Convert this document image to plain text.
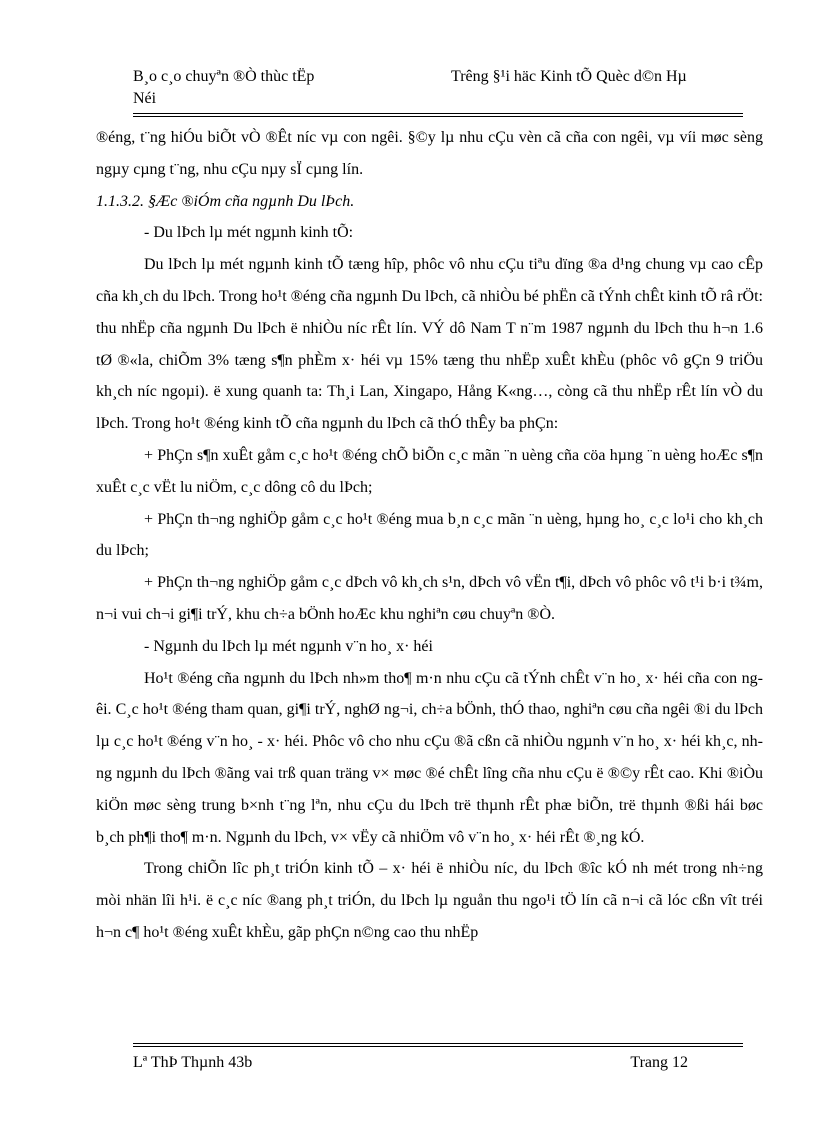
B¸o c¸o chuyªn ®Ò thùc tËp
Néi
Trêng §¹i häc Kinh tÕ Quèc d©n Hµ

®éng, t¨ng hiÓu biÕt vÒ ®Êt níc vµ con ngêi. §©y lµ nhu cÇu vèn cã cña con ngêi, vµ víi møc sèng ngµy cµng t¨ng, nhu cÇu nµy sÏ cµng lín.

1.1.3.2. §Æc ®iÓm cña ngµnh Du lÞch.

- Du lÞch lµ mét ngµnh kinh tÕ:

Du lÞch lµ mét ngµnh kinh tÕ tæng hîp, phôc vô nhu cÇu tiªu dïng ®a d¹ng chung vµ cao cÊp cña kh¸ch du lÞch. Trong ho¹t ®éng cña ngµnh Du lÞch, cã nhiÒu bé phËn cã tÝnh chÊt kinh tÕ râ rÖt: thu nhËp cña ngµnh Du lÞch ë nhiÒu níc rÊt lín. VÝ dô Nam T n¨m 1987 ngµnh du lÞch thu h¬n 1.6 tØ ®«la, chiÕm 3% tæng s¶n phÈm x· héi vµ 15% tæng thu nhËp xuÊt khÈu (phôc vô gÇn 9 triÖu kh¸ch níc ngoµi). ë xung quanh ta: Th¸i Lan, Xingapo, Hång K«ng…, còng cã thu nhËp rÊt lín vÒ du lÞch. Trong ho¹t ®éng kinh tÕ cña ngµnh du lÞch cã thÓ thÊy ba phÇn:

+ PhÇn s¶n xuÊt gåm c¸c ho¹t ®éng chÕ biÕn c¸c mãn ¨n uèng cña cöa hµng ¨n uèng hoÆc s¶n xuÊt c¸c vËt lu niÖm, c¸c dông cô du lÞch;

+ PhÇn th¬ng nghiÖp gåm c¸c ho¹t ®éng mua b¸n c¸c mãn ¨n uèng, hµng ho¸ c¸c lo¹i cho kh¸ch du lÞch;

+ PhÇn th¬ng nghiÖp gåm c¸c dÞch vô kh¸ch s¹n, dÞch vô vËn t¶i, dÞch vô phôc vô t¹i b·i t¾m, n¬i vui ch¬i gi¶i trÝ, khu ch÷a bÖnh hoÆc khu nghiªn cøu chuyªn ®Ò.

- Ngµnh du lÞch lµ mét ngµnh v¨n ho¸ x· héi

Ho¹t ®éng cña ngµnh du lÞch nh»m tho¶ m·n nhu cÇu cã tÝnh chÊt v¨n ho¸ x· héi cña con ngêi. C¸c ho¹t ®éng tham quan, gi¶i trÝ, nghØ ng¬i, ch÷a bÖnh, thÓ thao, nghiªn cøu cña ngêi ®i du lÞch lµ c¸c ho¹t ®éng v¨n ho¸ - x· héi. Phôc vô cho nhu cÇu ®ã cßn cã nhiÒu ngµnh v¨n ho¸ x· héi kh¸c, nhng ngµnh du lÞch ®ãng vai trß quan träng v× møc ®é chÊt lîng cña nhu cÇu ë ®©y rÊt cao. Khi ®iÒu kiÖn møc sèng trung b×nh t¨ng lªn, nhu cÇu du lÞch trë thµnh rÊt phæ biÕn, trë thµnh ®ßi hái bøc b¸ch ph¶i tho¶ m·n. Ngµnh du lÞch, v× vËy cã nhiÖm vô v¨n ho¸ x· héi rÊt ®¸ng kÓ.

Trong chiÕn lîc ph¸t triÓn kinh tÕ – x· héi ë nhiÒu níc, du lÞch ®îc kÓ nh mét trong nh÷ng mòi nhän lîi h¹i. ë c¸c níc ®ang ph¸t triÓn, du lÞch lµ nguån thu ngo¹i tÖ lín cã n¬i cã lóc cßn vît tréi h¬n c¶ ho¹t ®éng xuÊt khÈu, gãp phÇn n©ng cao thu nhËp

Lª ThÞ Thµnh 43b	Trang 12
